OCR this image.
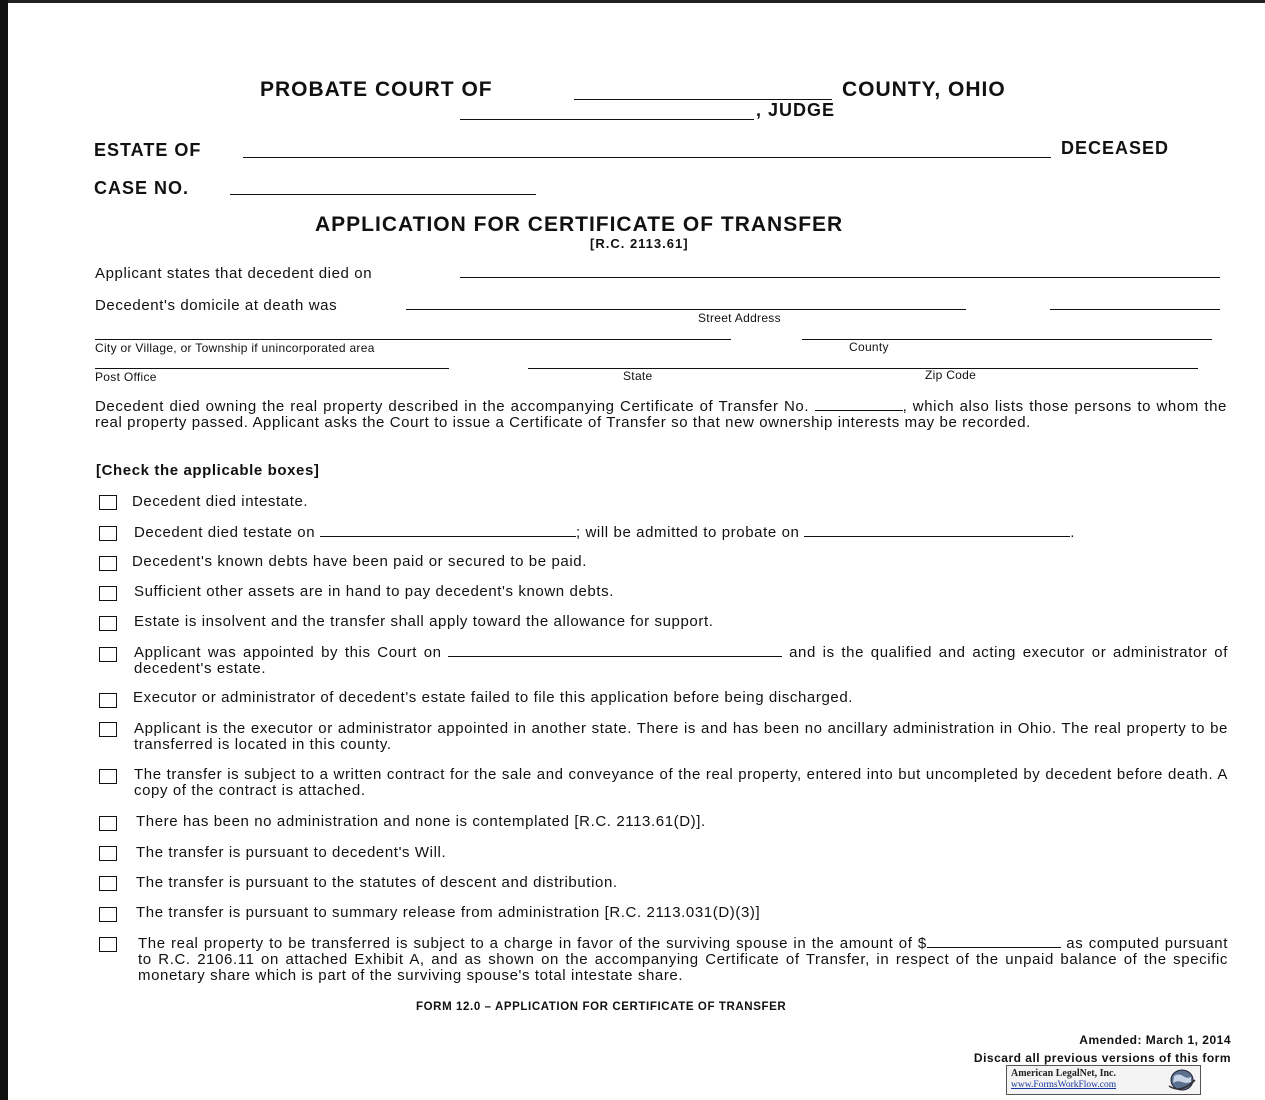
PROBATE COURT OF	COUNTY, OHIO
, JUDGE
ESTATE OF	DECEASED
CASE NO.
APPLICATION FOR CERTIFICATE OF TRANSFER
[R.C. 2113.61]
Applicant states that decedent died on
Decedent's domicile at death was
Street Address
City or Village, or Township if unincorporated area	County
Post Office	State	Zip Code
Decedent died owning the real property described in the accompanying Certificate of Transfer No.	, which also lists those persons to whom the real property passed. Applicant asks the Court to issue a Certificate of Transfer so that new ownership interests may be recorded.
[Check the applicable boxes]
Decedent died intestate.
Decedent died testate on	; will be admitted to probate on	.
Decedent's known debts have been paid or secured to be paid.
Sufficient other assets are in hand to pay decedent's known debts.
Estate is insolvent and the transfer shall apply toward the allowance for support.
Applicant was appointed by this Court on	and is the qualified and acting executor or administrator of decedent's estate.
Executor or administrator of decedent's estate failed to file this application before being discharged.
Applicant is the executor or administrator appointed in another state. There is and has been no ancillary administration in Ohio. The real property to be transferred is located in this county.
The transfer is subject to a written contract for the sale and conveyance of the real property, entered into but uncompleted by decedent before death. A copy of the contract is attached.
There has been no administration and none is contemplated [R.C. 2113.61(D)].
The transfer is pursuant to decedent's Will.
The transfer is pursuant to the statutes of descent and distribution.
The transfer is pursuant to summary release from administration [R.C. 2113.031(D)(3)]
The real property to be transferred is subject to a charge in favor of the surviving spouse in the amount of $	as computed pursuant to R.C. 2106.11 on attached Exhibit A, and as shown on the accompanying Certificate of Transfer, in respect of the unpaid balance of the specific monetary share which is part of the surviving spouse's total intestate share.
FORM 12.0 – APPLICATION FOR CERTIFICATE OF TRANSFER
Amended: March 1, 2014
Discard all previous versions of this form
American LegalNet, Inc.
www.FormsWorkFlow.com
